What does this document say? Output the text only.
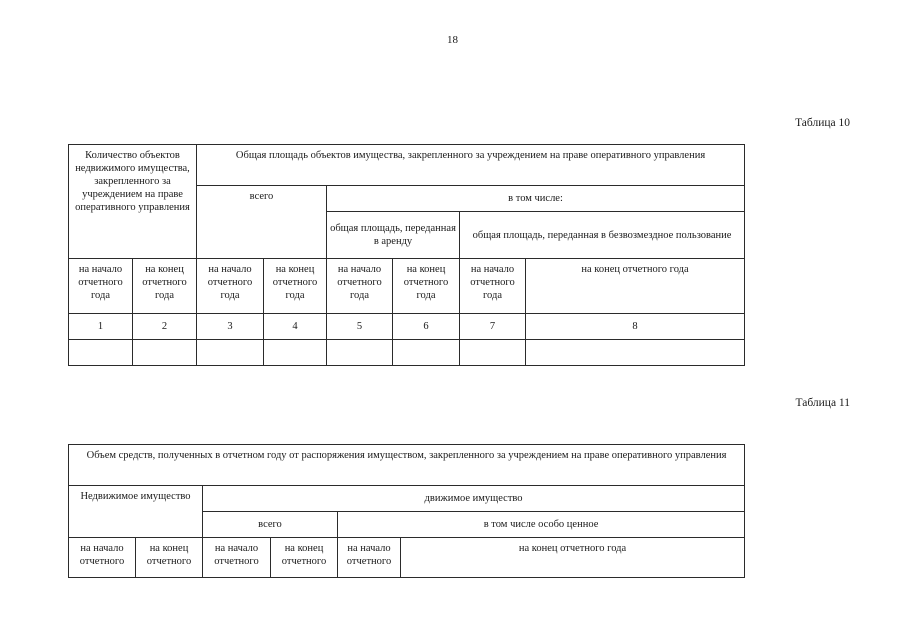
18
Таблица 10
Количество объектов недвижимого имущества, закрепленного за учреждением на праве оперативного управления		Общая площадь объектов имущества, закрепленного за учреждением на праве оперативного управления					
		всего		в том числе:			
				общая площадь, переданная в аренду		общая площадь, переданная в безвозмездное пользование	
на начало отчетного года	на конец отчетного года	на начало отчетного года	на конец отчетного года	на начало отчетного года	на конец отчетного года	на начало отчетного года	на конец отчетного года
1	2	3	4	5	6	7	8

Таблица 11
Объем средств, полученных в отчетном году от распоряжения имуществом, закрепленного за учреждением на праве оперативного управления					
Недвижимое имущество		движимое имущество			
		всего		в том числе особо ценное	
на начало отчетного	на конец отчетного	на начало отчетного	на конец отчетного	на начало отчетного	на конец отчетного года
